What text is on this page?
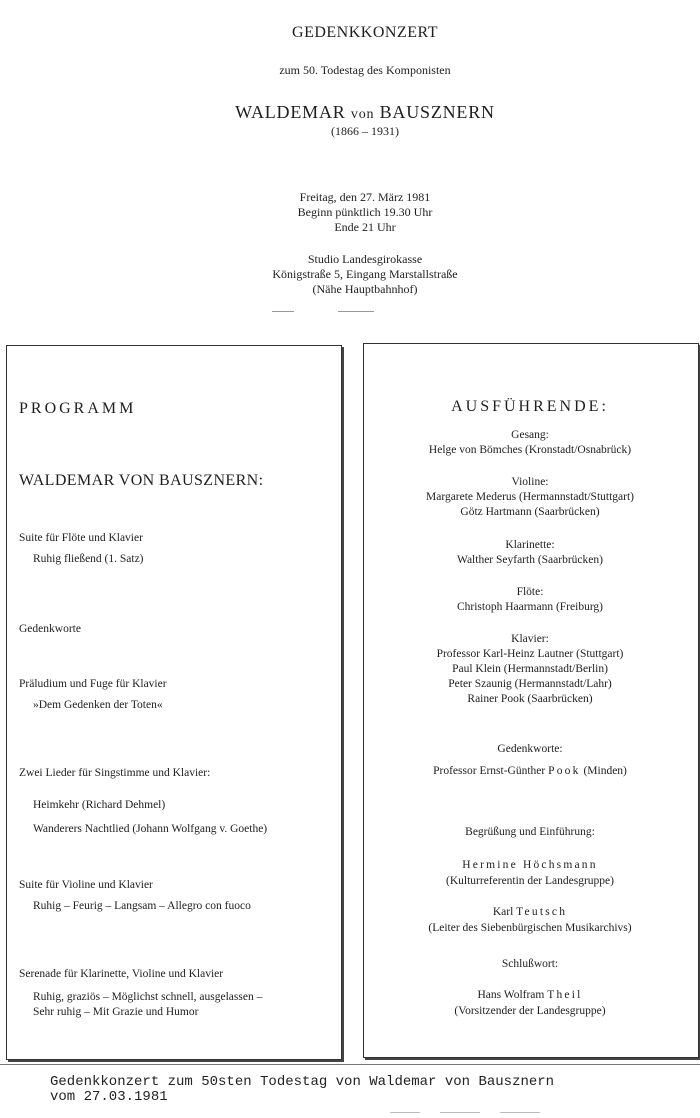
GEDENKKONZERT
zum 50. Todestag des Komponisten
WALDEMAR von BAUSZNERN
(1866 – 1931)
Freitag, den 27. März 1981
Beginn pünktlich 19.30 Uhr
Ende 21 Uhr
Studio Landesgirokasse
Königstraße 5, Eingang Marstallstraße
(Nähe Hauptbahnhof)
PROGRAMM
WALDEMAR VON BAUSZNERN:
Suite für Flöte und Klavier
Ruhig fließend (1. Satz)
Gedenkworte
Präludium und Fuge für Klavier
»Dem Gedenken der Toten«
Zwei Lieder für Singstimme und Klavier:
Heimkehr (Richard Dehmel)
Wanderers Nachtlied (Johann Wolfgang v. Goethe)
Suite für Violine und Klavier
Ruhig – Feurig – Langsam – Allegro con fuoco
Serenade für Klarinette, Violine und Klavier
Ruhig, graziös – Möglichst schnell, ausgelassen –
Sehr ruhig – Mit Grazie und Humor
AUSFÜHRENDE:
Gesang:
Helge von Bömches (Kronstadt/Osnabrück)
Violine:
Margarete Mederus (Hermannstadt/Stuttgart)
Götz Hartmann (Saarbrücken)
Klarinette:
Walther Seyfarth (Saarbrücken)
Flöte:
Christoph Haarmann (Freiburg)
Klavier:
Professor Karl-Heinz Lautner (Stuttgart)
Paul Klein (Hermannstadt/Berlin)
Peter Szaunig (Hermannstadt/Lahr)
Rainer Pook (Saarbrücken)
Gedenkworte:
Professor Ernst-Günther Pook (Minden)
Begrüßung und Einführung:
Hermine Höchsmann
(Kulturreferentin der Landesgruppe)
Karl Teutsch
(Leiter des Siebenbürgischen Musikarchivs)
Schlußwort:
Hans Wolfram Theil
(Vorsitzender der Landesgruppe)
Gedenkkonzert zum 50sten Todestag von Waldemar von Bausznern
vom 27.03.1981
